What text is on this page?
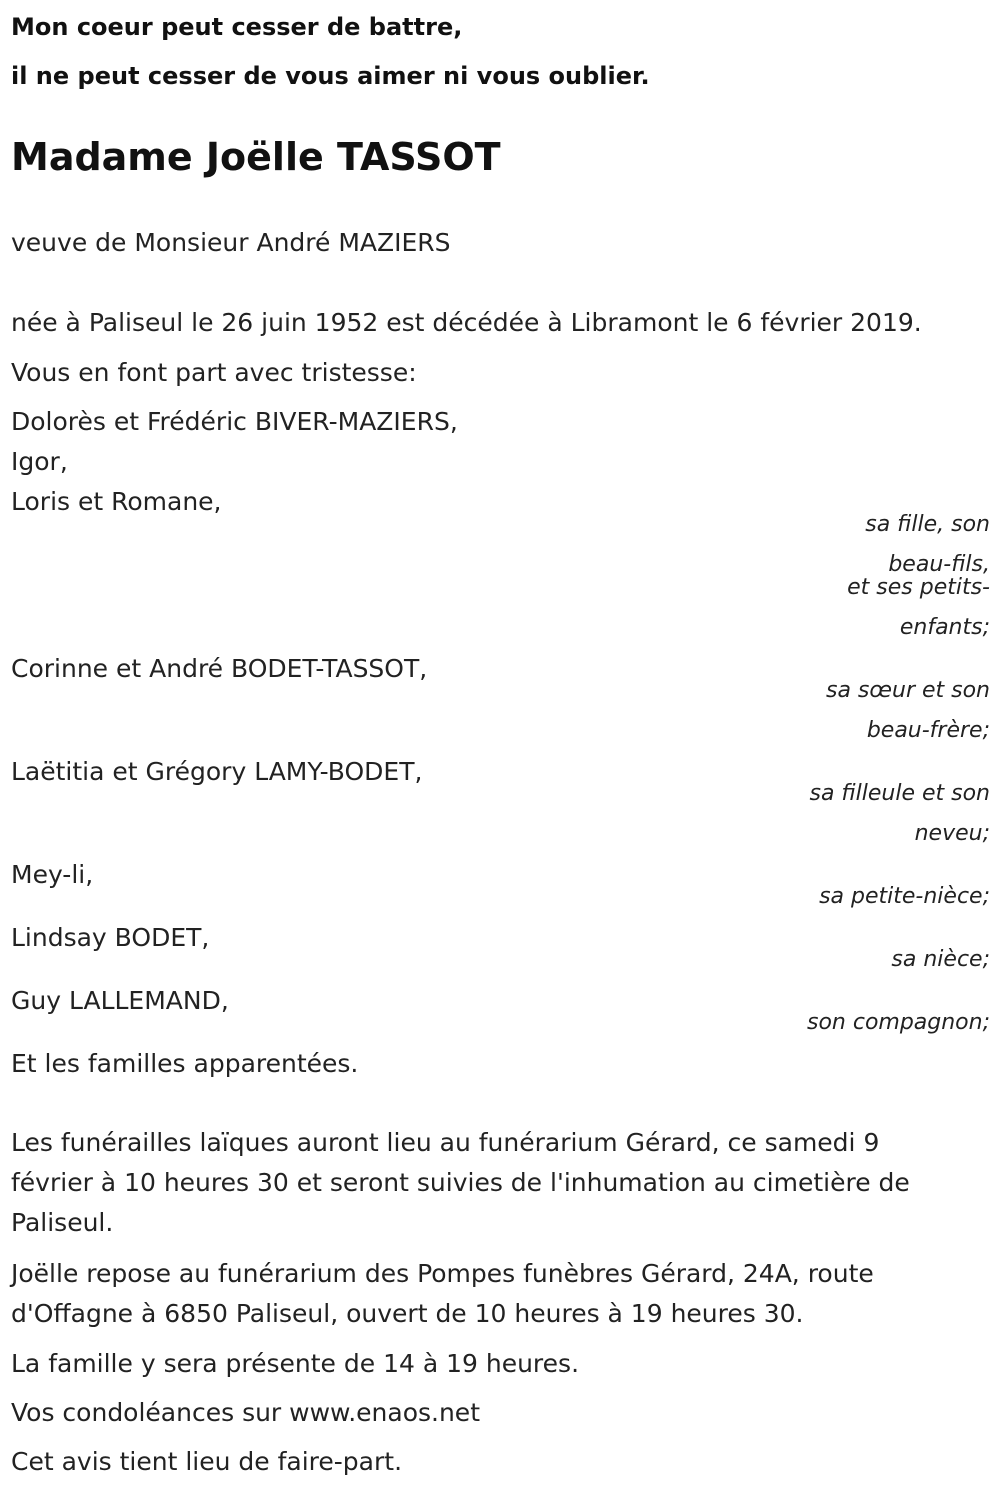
Mon coeur peut cesser de battre,
il ne peut cesser de vous aimer ni vous oublier.
Madame Joëlle TASSOT
veuve de Monsieur André MAZIERS
née à Paliseul le 26 juin 1952 est décédée à Libramont le 6 février 2019.
Vous en font part avec tristesse:
Dolorès et Frédéric BIVER-MAZIERS,
Igor,
Loris et Romane,
sa fille, son
beau-fils,
et ses petits-
enfants;
Corinne et André BODET-TASSOT,
sa sœur et son
beau-frère;
Laëtitia et Grégory LAMY-BODET,
sa filleule et son
neveu;
Mey-li,
sa petite-nièce;
Lindsay BODET,
sa nièce;
Guy LALLEMAND,
son compagnon;
Et les familles apparentées.
Les funérailles laïques auront lieu au funérarium Gérard, ce samedi 9
février à 10 heures 30 et seront suivies de l'inhumation au cimetière de
Paliseul.
Joëlle repose au funérarium des Pompes funèbres Gérard, 24A, route
d'Offagne à 6850 Paliseul, ouvert de 10 heures à 19 heures 30.
La famille y sera présente de 14 à 19 heures.
Vos condoléances sur www.enaos.net
Cet avis tient lieu de faire-part.
